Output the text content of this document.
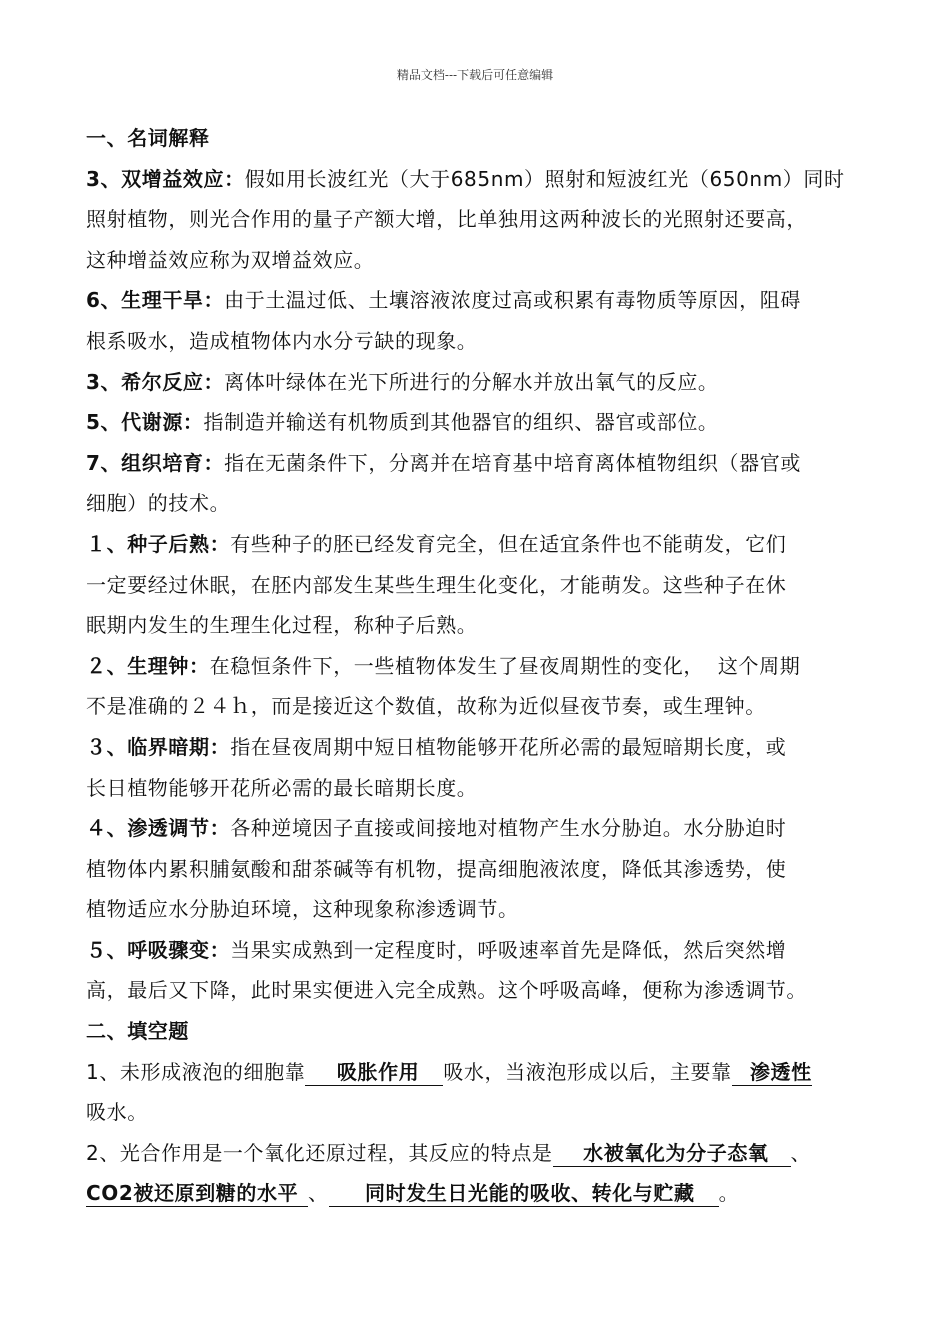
精品文档---下载后可任意编辑
一、名词解释
3、双增益效应：假如用长波红光（大于685nm）照射和短波红光（650nm）同时
照射植物，则光合作用的量子产额大增，比单独用这两种波长的光照射还要高，
这种增益效应称为双增益效应。
6、生理干旱：由于土温过低、土壤溶液浓度过高或积累有毒物质等原因，阻碍
根系吸水，造成植物体内水分亏缺的现象。
3、希尔反应：离体叶绿体在光下所进行的分解水并放出氧气的反应。
5、代谢源：指制造并输送有机物质到其他器官的组织、器官或部位。
7、组织培育：指在无菌条件下，分离并在培育基中培育离体植物组织（器官或
细胞）的技术。
１、种子后熟：有些种子的胚已经发育完全，但在适宜条件也不能萌发，它们
一定要经过休眠，在胚内部发生某些生理生化变化，才能萌发。这些种子在休
眠期内发生的生理生化过程，称种子后熟。
２、生理钟：在稳恒条件下，一些植物体发生了昼夜周期性的变化，  这个周期
不是准确的２４ｈ，而是接近这个数值，故称为近似昼夜节奏，或生理钟。
３、临界暗期：指在昼夜周期中短日植物能够开花所必需的最短暗期长度，或
长日植物能够开花所必需的最长暗期长度。
４、渗透调节：各种逆境因子直接或间接地对植物产生水分胁迫。水分胁迫时
植物体内累积脯氨酸和甜茶碱等有机物，提高细胞液浓度，降低其渗透势，使
植物适应水分胁迫环境，这种现象称渗透调节。
５、呼吸骤变：当果实成熟到一定程度时，呼吸速率首先是降低，然后突然增
高，最后又下降，此时果实便进入完全成熟。这个呼吸高峰，便称为渗透调节。
二、填空题
1、未形成液泡的细胞靠 吸胀作用 吸水，当液泡形成以后，主要靠 渗透性
吸水。
2、光合作用是一个氧化还原过程，其反应的特点是 水被氧化为分子态氧 、
CO2被还原到糖的水平 、 同时发生日光能的吸收、转化与贮藏 。
